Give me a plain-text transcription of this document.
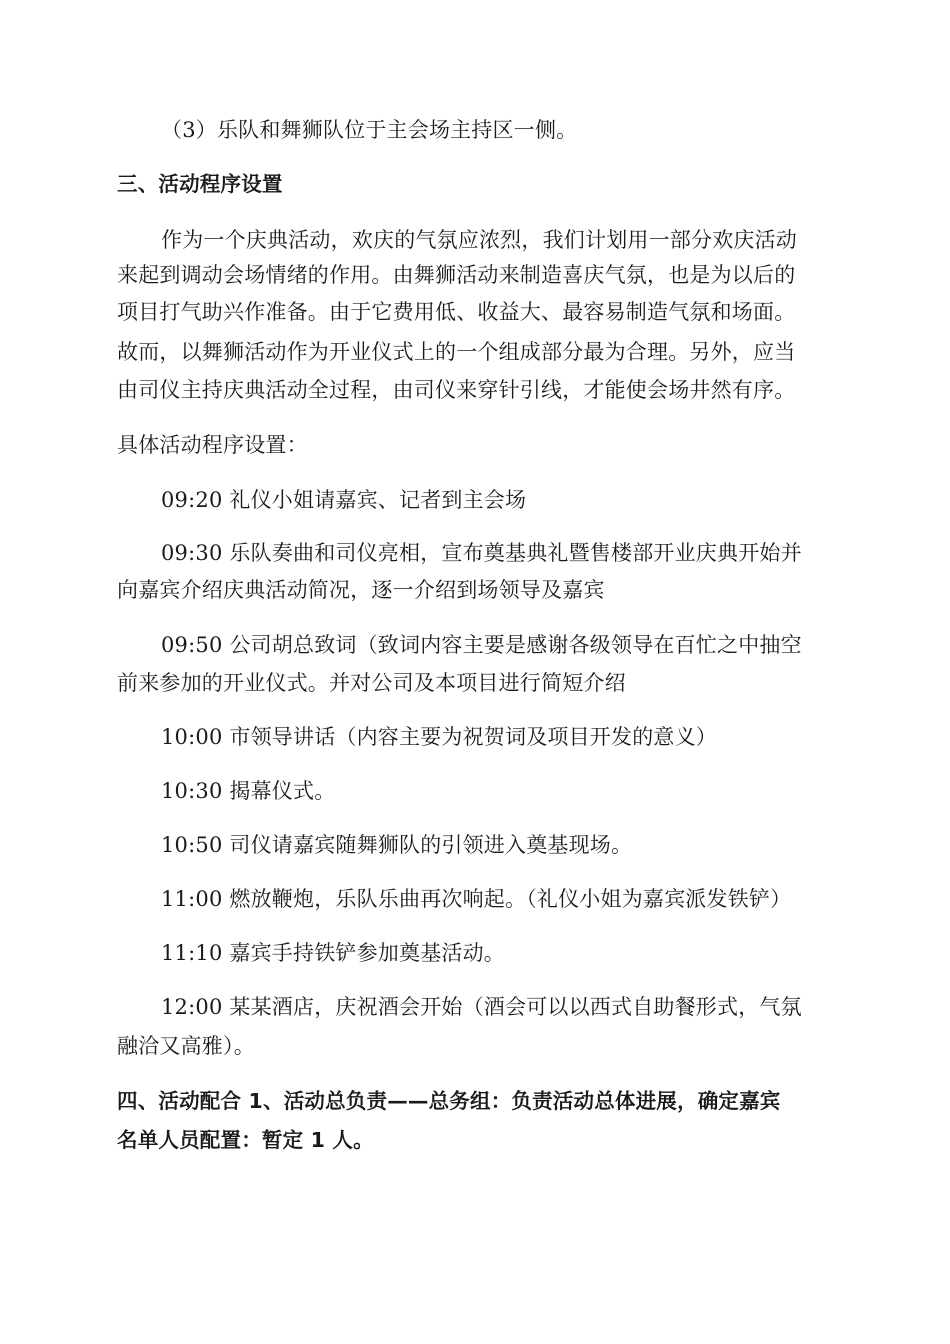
（3）乐队和舞狮队位于主会场主持区一侧。
三、活动程序设置
作为一个庆典活动，欢庆的气氛应浓烈，我们计划用一部分欢庆活动
来起到调动会场情绪的作用。由舞狮活动来制造喜庆气氛，也是为以后的
项目打气助兴作准备。由于它费用低、收益大、最容易制造气氛和场面。
故而，以舞狮活动作为开业仪式上的一个组成部分最为合理。另外，应当
由司仪主持庆典活动全过程，由司仪来穿针引线，才能使会场井然有序。
具体活动程序设置：
09:20 礼仪小姐请嘉宾、记者到主会场
09:30 乐队奏曲和司仪亮相，宣布奠基典礼暨售楼部开业庆典开始并
向嘉宾介绍庆典活动简况，逐一介绍到场领导及嘉宾
09:50 公司胡总致词（致词内容主要是感谢各级领导在百忙之中抽空
前来参加的开业仪式。并对公司及本项目进行简短介绍
10:00 市领导讲话（内容主要为祝贺词及项目开发的意义）
10:30 揭幕仪式。
10:50 司仪请嘉宾随舞狮队的引领进入奠基现场。
11:00 燃放鞭炮，乐队乐曲再次响起。（礼仪小姐为嘉宾派发铁铲）
11:10 嘉宾手持铁铲参加奠基活动。
12:00 某某酒店，庆祝酒会开始（酒会可以以西式自助餐形式，气氛
融洽又高雅）。
四、活动配合 1、活动总负责——总务组：负责活动总体进展，确定嘉宾
名单人员配置：暂定 1 人。
